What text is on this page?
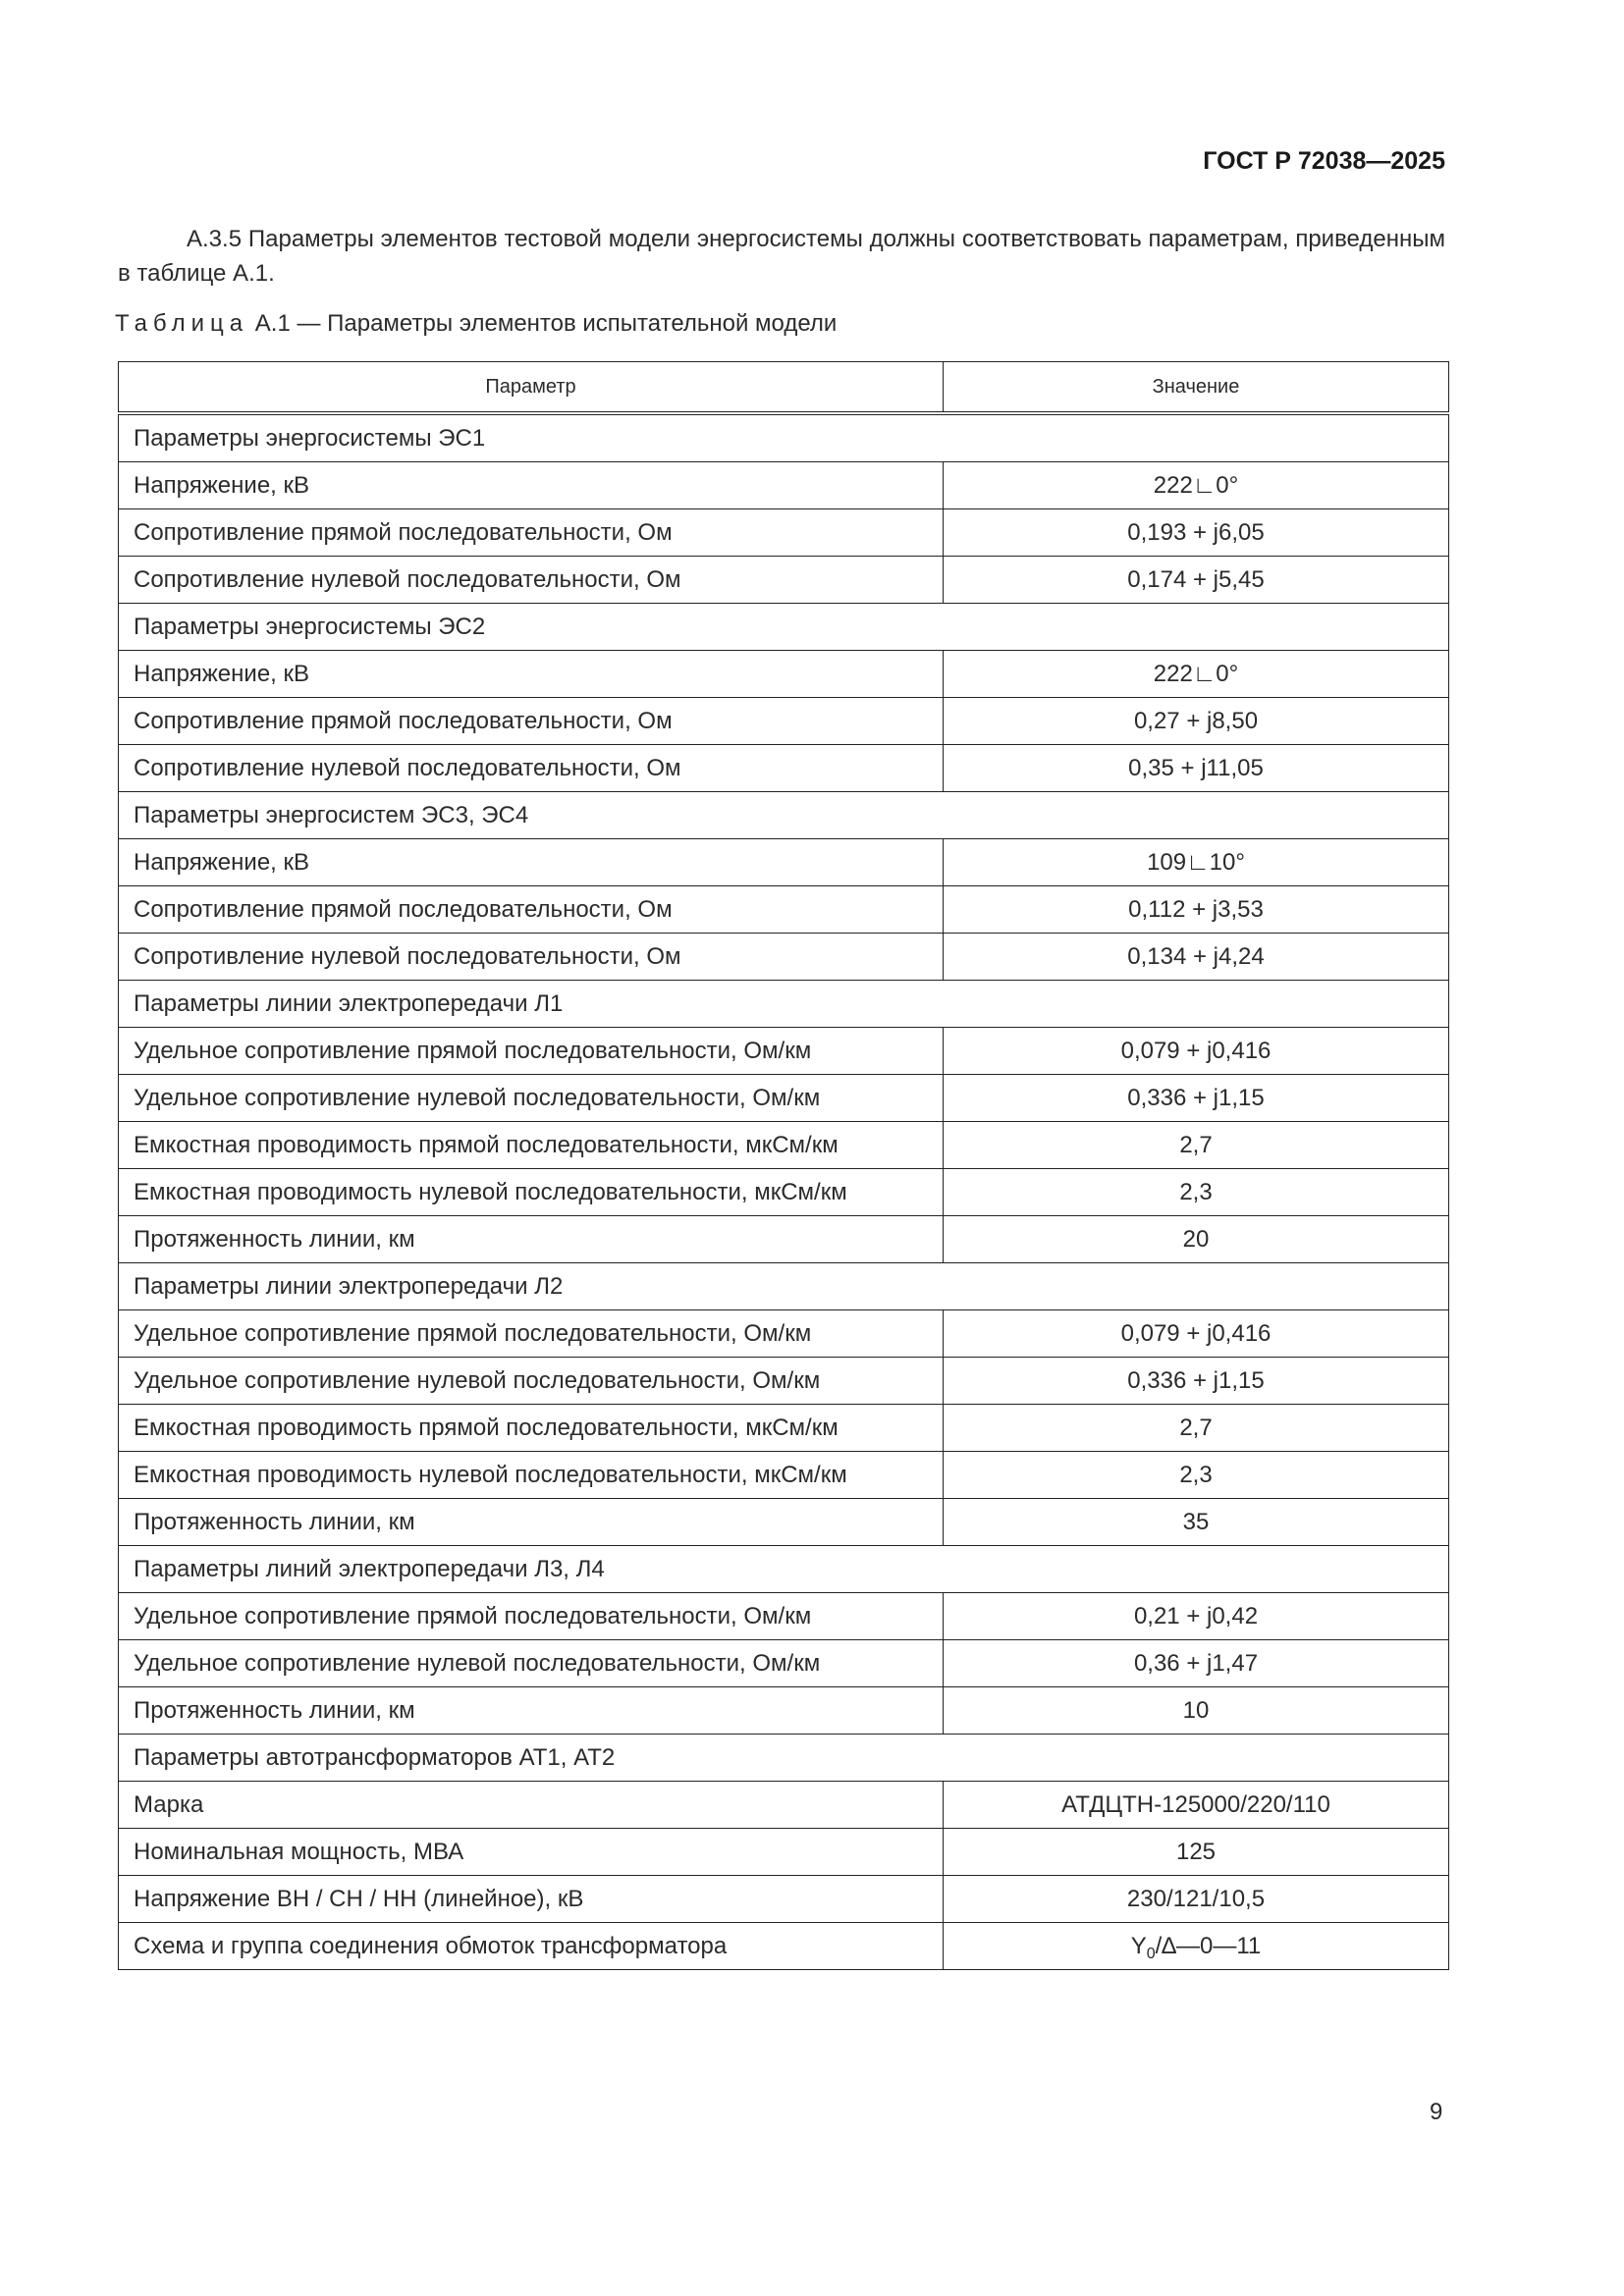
ГОСТ Р 72038—2025

А.3.5 Параметры элементов тестовой модели энергосистемы должны соответствовать параметрам, приведенным в таблице А.1.

Таблица А.1 — Параметры элементов испытательной модели

Параметр	Значение
Параметры энергосистемы ЭС1	
Напряжение, кВ	222∟0°
Сопротивление прямой последовательности, Ом	0,193 + j6,05
Сопротивление нулевой последовательности, Ом	0,174 + j5,45
Параметры энергосистемы ЭС2	
Напряжение, кВ	222∟0°
Сопротивление прямой последовательности, Ом	0,27 + j8,50
Сопротивление нулевой последовательности, Ом	0,35 + j11,05
Параметры энергосистем ЭС3, ЭС4	
Напряжение, кВ	109∟10°
Сопротивление прямой последовательности, Ом	0,112 + j3,53
Сопротивление нулевой последовательности, Ом	0,134 + j4,24
Параметры линии электропередачи Л1	
Удельное сопротивление прямой последовательности, Ом/км	0,079 + j0,416
Удельное сопротивление нулевой последовательности, Ом/км	0,336 + j1,15
Емкостная проводимость прямой последовательности, мкСм/км	2,7
Емкостная проводимость нулевой последовательности, мкСм/км	2,3
Протяженность линии, км	20
Параметры линии электропередачи Л2	
Удельное сопротивление прямой последовательности, Ом/км	0,079 + j0,416
Удельное сопротивление нулевой последовательности, Ом/км	0,336 + j1,15
Емкостная проводимость прямой последовательности, мкСм/км	2,7
Емкостная проводимость нулевой последовательности, мкСм/км	2,3
Протяженность линии, км	35
Параметры линий электропередачи Л3, Л4	
Удельное сопротивление прямой последовательности, Ом/км	0,21 + j0,42
Удельное сопротивление нулевой последовательности, Ом/км	0,36 + j1,47
Протяженность линии, км	10
Параметры автотрансформаторов АТ1, АТ2	
Марка	АТДЦТН-125000/220/110
Номинальная мощность, МВА	125
Напряжение ВН / СН / НН (линейное), кВ	230/121/10,5
Схема и группа соединения обмоток трансформатора	$Y_0/\Delta—0—11$
9
